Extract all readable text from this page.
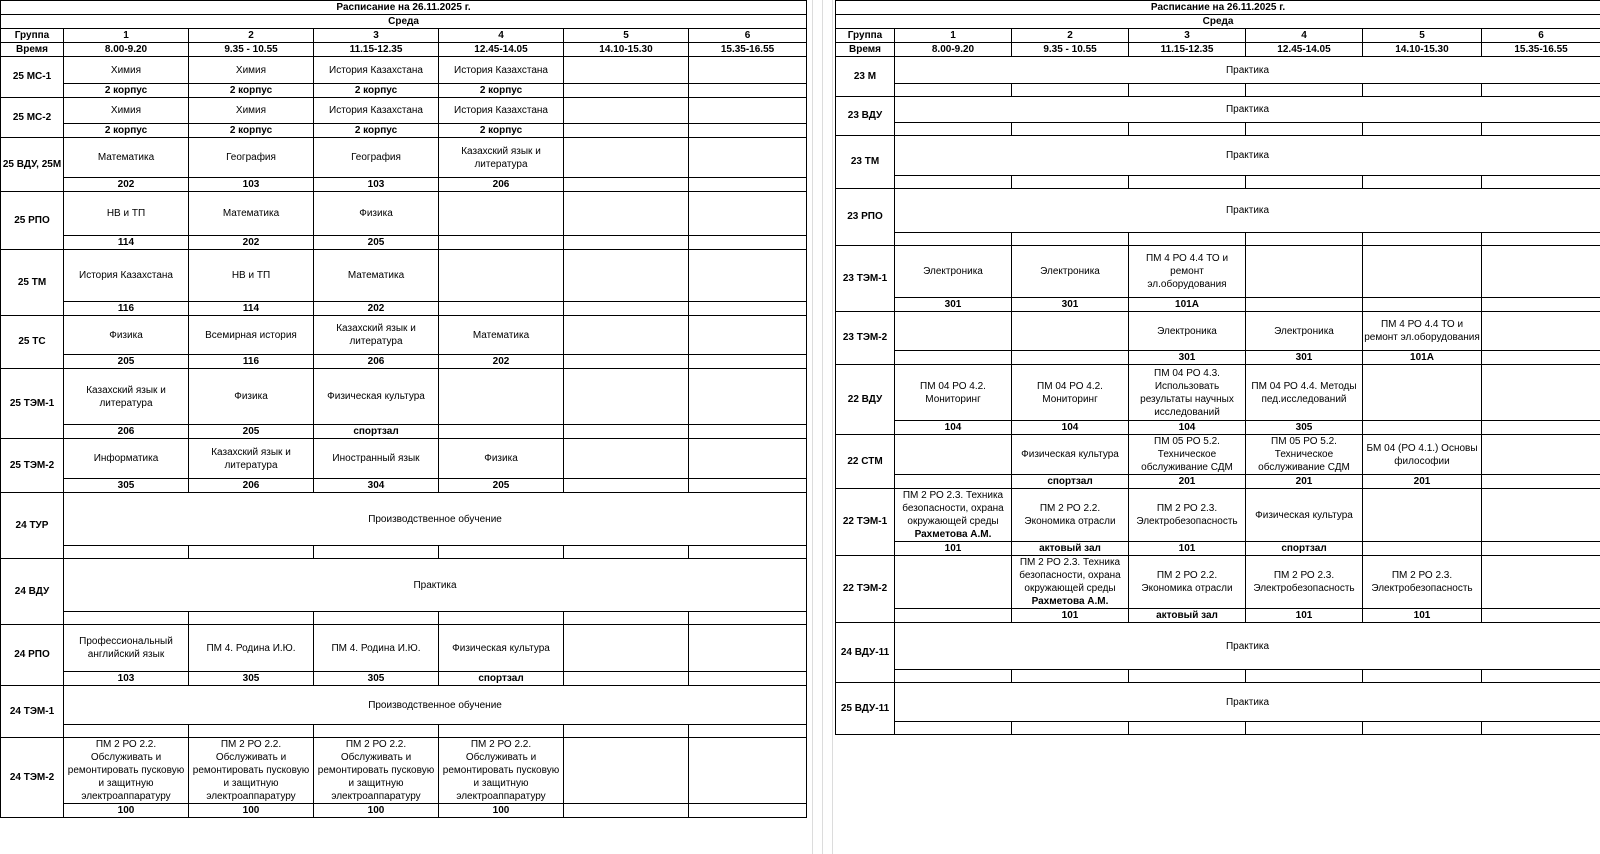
Расписание на 26.11.2025 г.						
Среда						
Группа	1	2	3	4	5	6
Время	8.00-9.20	9.35 - 10.55	11.15-12.35	12.45-14.05	14.10-15.30	15.35-16.55
25 МС-1	Химия	Химия	История Казахстана	История Казахстана		
	2 корпус	2 корпус	2 корпус	2 корпус		
25 МС-2	Химия	Химия	История Казахстана	История Казахстана		
	2 корпус	2 корпус	2 корпус	2 корпус		
25 ВДУ, 25М	Математика	География	География	Казахский язык и литература		
	202	103	103	206		
25 РПО	НВ и ТП	Математика	Физика			
	114	202	205			
25 ТМ	История Казахстана	НВ и ТП	Математика			
	116	114	202			
25 ТС	Физика	Всемирная история	Казахский язык и литература	Математика		
	205	116	206	202		
25 ТЭМ-1	Казахский язык и литература	Физика	Физическая культура			
	206	205	спортзал			
25 ТЭМ-2	Информатика	Казахский язык и литература	Иностранный язык	Физика		
	305	206	304	205		
24 ТУР	Производственное обучение					

24 ВДУ	Практика					

24 РПО	Профессиональный английский язык	ПМ 4. Родина И.Ю.	ПМ 4. Родина И.Ю.	Физическая культура		
	103	305	305	спортзал		
24 ТЭМ-1	Производственное обучение					

24 ТЭМ-2	ПМ 2 РО 2.2. Обслуживать и ремонтировать пусковую и защитную электроаппаратуру	ПМ 2 РО 2.2. Обслуживать и ремонтировать пусковую и защитную электроаппаратуру	ПМ 2 РО 2.2. Обслуживать и ремонтировать пусковую и защитную электроаппаратуру	ПМ 2 РО 2.2. Обслуживать и ремонтировать пусковую и защитную электроаппаратуру		
	100	100	100	100		
Расписание на 26.11.2025 г.						
Среда						
Группа	1	2	3	4	5	6
Время	8.00-9.20	9.35 - 10.55	11.15-12.35	12.45-14.05	14.10-15.30	15.35-16.55
23 М	Практика					

23 ВДУ	Практика					

23 ТМ	Практика					

23 РПО	Практика					

23 ТЭМ-1	Электроника	Электроника	ПМ 4 РО 4.4 ТО и ремонт эл.оборудования			
	301	301	101А			
23 ТЭМ-2			Электроника	Электроника	ПМ 4 РО 4.4 ТО и ремонт эл.оборудования	
			301	301	101А	
22 ВДУ	ПМ 04 РО 4.2. Мониторинг	ПМ 04 РО 4.2. Мониторинг	ПМ 04 РО 4.3. Использовать результаты научных исследований	ПМ 04 РО 4.4. Методы пед.исследований		
	104	104	104	305		
22 СТМ		Физическая культура	ПМ 05 РО 5.2. Техническое обслуживание СДМ	ПМ 05 РО 5.2. Техническое обслуживание СДМ	БМ 04 (РО 4.1.) Основы философии	
		спортзал	201	201	201	
22 ТЭМ-1	ПМ 2 РО 2.3. Техника безопасности, охрана окружающей среды
Рахметова А.М.	ПМ 2 РО 2.2. Экономика отрасли	ПМ 2 РО 2.3. Электробезопасность	Физическая культура		
	101	актовый зал	101	спортзал		
22 ТЭМ-2		ПМ 2 РО 2.3. Техника безопасности, охрана окружающей среды
Рахметова А.М.	ПМ 2 РО 2.2. Экономика отрасли	ПМ 2 РО 2.3. Электробезопасность	ПМ 2 РО 2.3. Электробезопасность	
		101	актовый зал	101	101	
24 ВДУ-11	Практика					

25 ВДУ-11	Практика					
